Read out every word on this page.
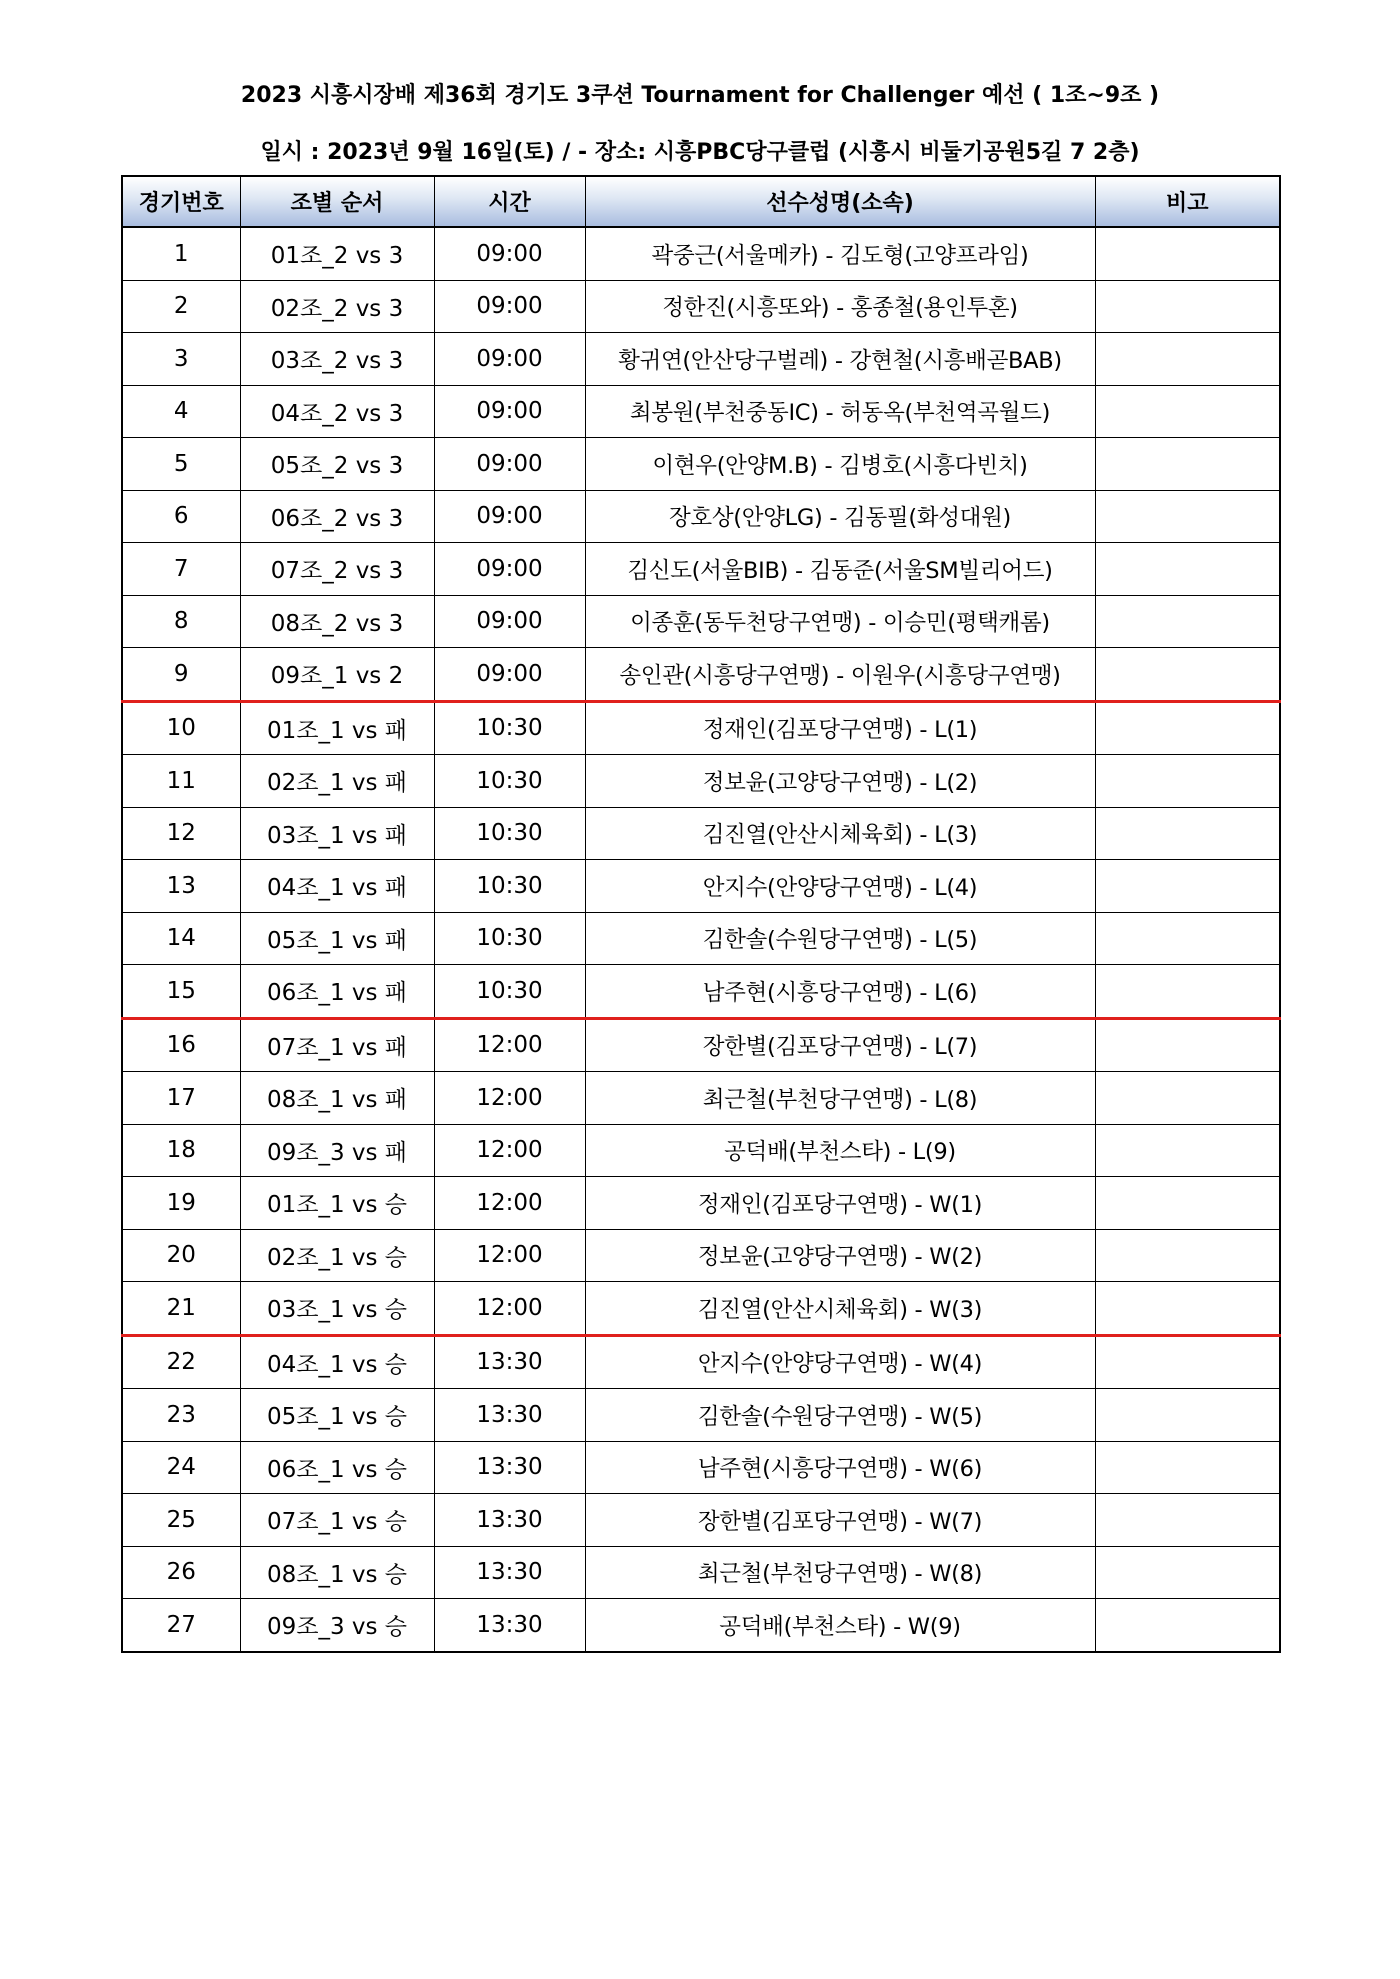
2023 시흥시장배 제36회 경기도 3쿠션 Tournament for Challenger 예선 ( 1조~9조 )
일시 : 2023년 9월 16일(토) / - 장소: 시흥PBC당구클럽 (시흥시 비둘기공원5길 7 2층)
경기번호	조별 순서	시간	선수성명(소속)	비고
1	01조_2 vs 3	09:00	곽중근(서울메카) - 김도형(고양프라임)	
2	02조_2 vs 3	09:00	정한진(시흥또와) - 홍종철(용인투혼)	
3	03조_2 vs 3	09:00	황귀연(안산당구벌레) - 강현철(시흥배곧BAB)	
4	04조_2 vs 3	09:00	최봉원(부천중동IC) - 허동옥(부천역곡월드)	
5	05조_2 vs 3	09:00	이현우(안양M.B) - 김병호(시흥다빈치)	
6	06조_2 vs 3	09:00	장호상(안양LG) - 김동필(화성대원)	
7	07조_2 vs 3	09:00	김신도(서울BIB) - 김동준(서울SM빌리어드)	
8	08조_2 vs 3	09:00	이종훈(동두천당구연맹) - 이승민(평택캐롬)	
9	09조_1 vs 2	09:00	송인관(시흥당구연맹) - 이원우(시흥당구연맹)	
10	01조_1 vs 패	10:30	정재인(김포당구연맹) - L(1)	
11	02조_1 vs 패	10:30	정보윤(고양당구연맹) - L(2)	
12	03조_1 vs 패	10:30	김진열(안산시체육회) - L(3)	
13	04조_1 vs 패	10:30	안지수(안양당구연맹) - L(4)	
14	05조_1 vs 패	10:30	김한솔(수원당구연맹) - L(5)	
15	06조_1 vs 패	10:30	남주현(시흥당구연맹) - L(6)	
16	07조_1 vs 패	12:00	장한별(김포당구연맹) - L(7)	
17	08조_1 vs 패	12:00	최근철(부천당구연맹) - L(8)	
18	09조_3 vs 패	12:00	공덕배(부천스타) - L(9)	
19	01조_1 vs 승	12:00	정재인(김포당구연맹) - W(1)	
20	02조_1 vs 승	12:00	정보윤(고양당구연맹) - W(2)	
21	03조_1 vs 승	12:00	김진열(안산시체육회) - W(3)	
22	04조_1 vs 승	13:30	안지수(안양당구연맹) - W(4)	
23	05조_1 vs 승	13:30	김한솔(수원당구연맹) - W(5)	
24	06조_1 vs 승	13:30	남주현(시흥당구연맹) - W(6)	
25	07조_1 vs 승	13:30	장한별(김포당구연맹) - W(7)	
26	08조_1 vs 승	13:30	최근철(부천당구연맹) - W(8)	
27	09조_3 vs 승	13:30	공덕배(부천스타) - W(9)	
